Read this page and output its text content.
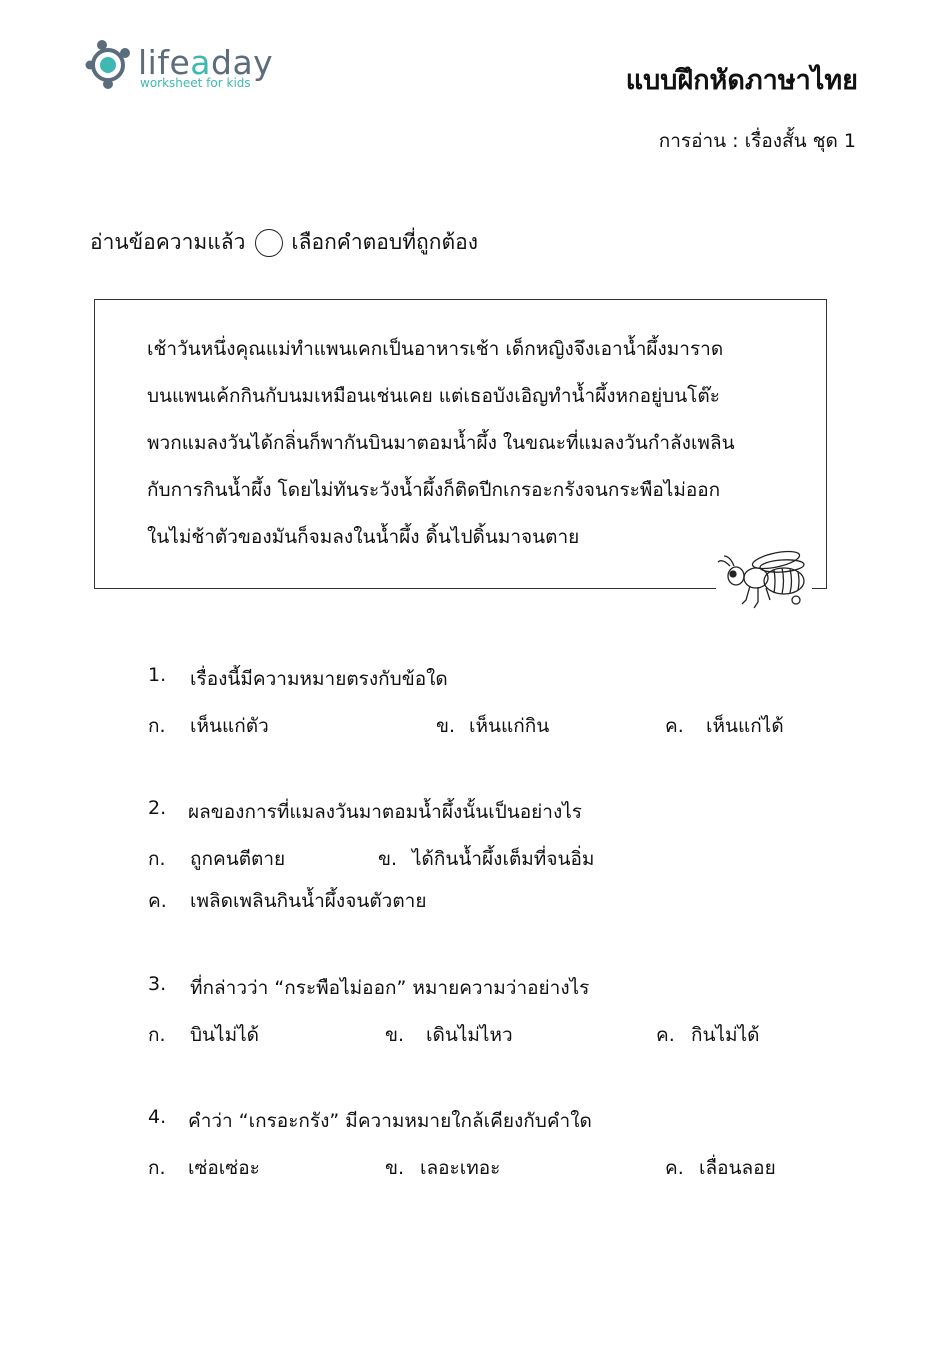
lifeaday
worksheet for kids	แบบฝึกหัดภาษาไทย
การอ่าน : เรื่องสั้น ชุด 1
อ่านข้อความแล้ว เลือกคำตอบที่ถูกต้อง
เช้าวันหนึ่งคุณแม่ทำแพนเคกเป็นอาหารเช้า เด็กหญิงจึงเอาน้ำผึ้งมาราด
บนแพนเค้กกินกับนมเหมือนเช่นเคย แต่เธอบังเอิญทำน้ำผึ้งหกอยู่บนโต๊ะ
พวกแมลงวันได้กลิ่นก็พากันบินมาตอมน้ำผึ้ง ในขณะที่แมลงวันกำลังเพลิน
กับการกินน้ำผึ้ง โดยไม่ทันระวังน้ำผึ้งก็ติดปีกเกรอะกรังจนกระพือไม่ออก
ในไม่ช้าตัวของมันก็จมลงในน้ำผึ้ง ดิ้นไปดิ้นมาจนตาย
1. เรื่องนี้มีความหมายตรงกับข้อใด
ก. เห็นแก่ตัว	ข. เห็นแก่กิน	ค. เห็นแก่ได้
2. ผลของการที่แมลงวันมาตอมน้ำผึ้งนั้นเป็นอย่างไร
ก. ถูกคนตีตาย	ข. ได้กินน้ำผึ้งเต็มที่จนอิ่ม
ค. เพลิดเพลินกินน้ำผึ้งจนตัวตาย
3. ที่กล่าวว่า “กระพือไม่ออก” หมายความว่าอย่างไร
ก. บินไม่ได้	ข. เดินไม่ไหว	ค. กินไม่ได้
4. คำว่า “เกรอะกรัง” มีความหมายใกล้เคียงกับคำใด
ก. เซ่อเซ่อะ	ข. เลอะเทอะ	ค. เลื่อนลอย
